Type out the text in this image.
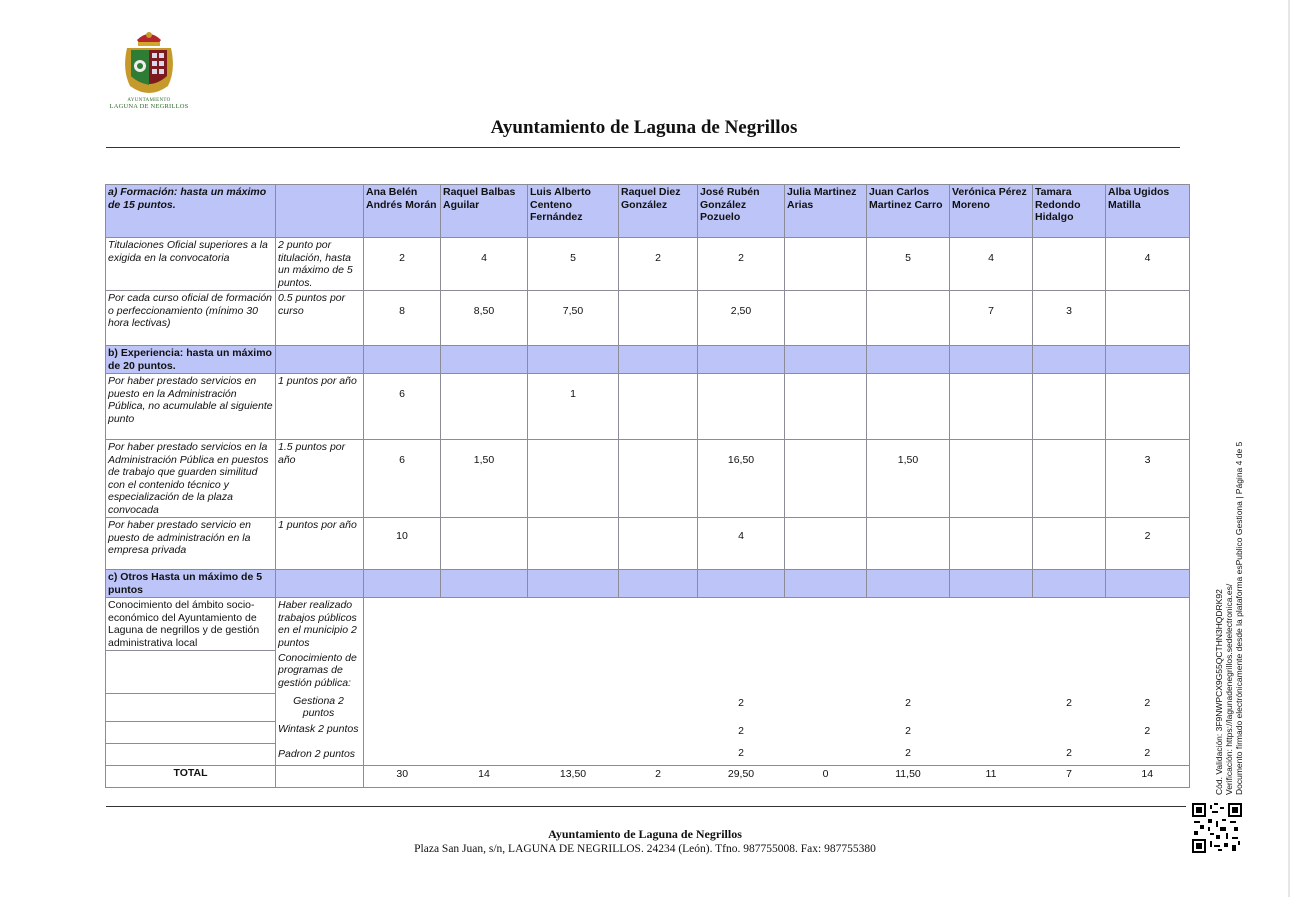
AYUNTAMIENTO
LAGUNA DE NEGRILLOS
Ayuntamiento de Laguna de Negrillos
a) Formación: hasta un máximo de 15 puntos.		Ana Belén Andrés Morán	Raquel Balbas Aguilar	Luis Alberto Centeno Fernández	Raquel Diez González	José Rubén González Pozuelo	Julia Martinez Arias	Juan Carlos Martinez Carro	Verónica Pérez Moreno	Tamara Redondo Hidalgo	Alba Ugidos Matilla
Titulaciones Oficial superiores a la exigida en la convocatoria	2 punto por titulación, hasta un máximo de 5 puntos.	2	4	5	2	2		5	4		4
Por cada curso oficial de formación o perfeccionamiento (mínimo 30 hora lectivas)	0.5 puntos por curso	8	8,50	7,50		2,50			7	3	
b) Experiencia: hasta un máximo de 20 puntos.											
Por haber prestado servicios en puesto en la Administración Pública, no acumulable al siguiente punto	1 puntos por año	6		1							
Por haber prestado servicios en la Administración Pública en puestos de trabajo que guarden similitud con el contenido técnico y especialización de la plaza convocada	1.5 puntos por año	6	1,50			16,50		1,50			3
Por haber prestado servicio en puesto de administración en la empresa privada	1 puntos por año	10				4					2
c) Otros Hasta un máximo de 5 puntos											
Conocimiento del ámbito socio-económico del Ayuntamiento de Laguna de negrillos y de gestión administrativa local	Haber realizado trabajos públicos en el municipio 2 puntos										
	Conocimiento de programas de gestión pública:										
	Gestiona 2 puntos					2		2		2	2
	Wintask 2 puntos					2		2			2
	Padron 2 puntos					2		2		2	2
TOTAL		30	14	13,50	2	29,50	0	11,50	11	7	14
Ayuntamiento de Laguna de Negrillos
Plaza San Juan, s/n, LAGUNA DE NEGRILLOS. 24234 (León). Tfno. 987755008. Fax: 987755380
Cód. Validación: 3F9NWPCX9G55QCTHN3HQDRK92 Verificación: https://lagunadenegrillos.sedelectronica.es/ Documento firmado electrónicamente desde la plataforma esPublico Gestiona | Página 4 de 5
